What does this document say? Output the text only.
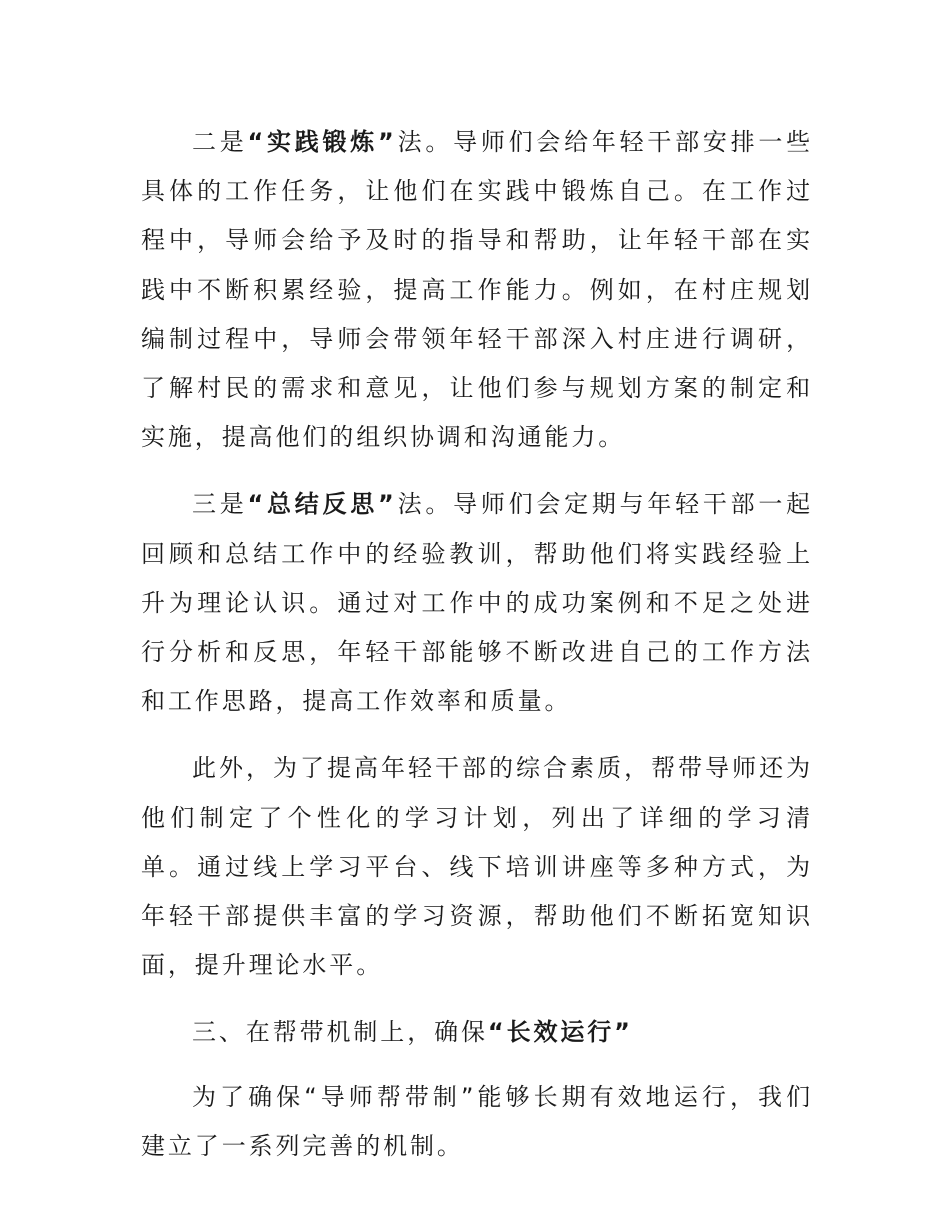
二是“实践锻炼”法。导师们会给年轻干部安排一些具体的工作任务，让他们在实践中锻炼自己。在工作过程中，导师会给予及时的指导和帮助，让年轻干部在实践中不断积累经验，提高工作能力。例如，在村庄规划编制过程中，导师会带领年轻干部深入村庄进行调研，了解村民的需求和意见，让他们参与规划方案的制定和实施，提高他们的组织协调和沟通能力。

三是“总结反思”法。导师们会定期与年轻干部一起回顾和总结工作中的经验教训，帮助他们将实践经验上升为理论认识。通过对工作中的成功案例和不足之处进行分析和反思，年轻干部能够不断改进自己的工作方法和工作思路，提高工作效率和质量。

此外，为了提高年轻干部的综合素质，帮带导师还为他们制定了个性化的学习计划，列出了详细的学习清单。通过线上学习平台、线下培训讲座等多种方式，为年轻干部提供丰富的学习资源，帮助他们不断拓宽知识面，提升理论水平。

三、在帮带机制上，确保“长效运行”

为了确保“导师帮带制”能够长期有效地运行，我们建立了一系列完善的机制。
